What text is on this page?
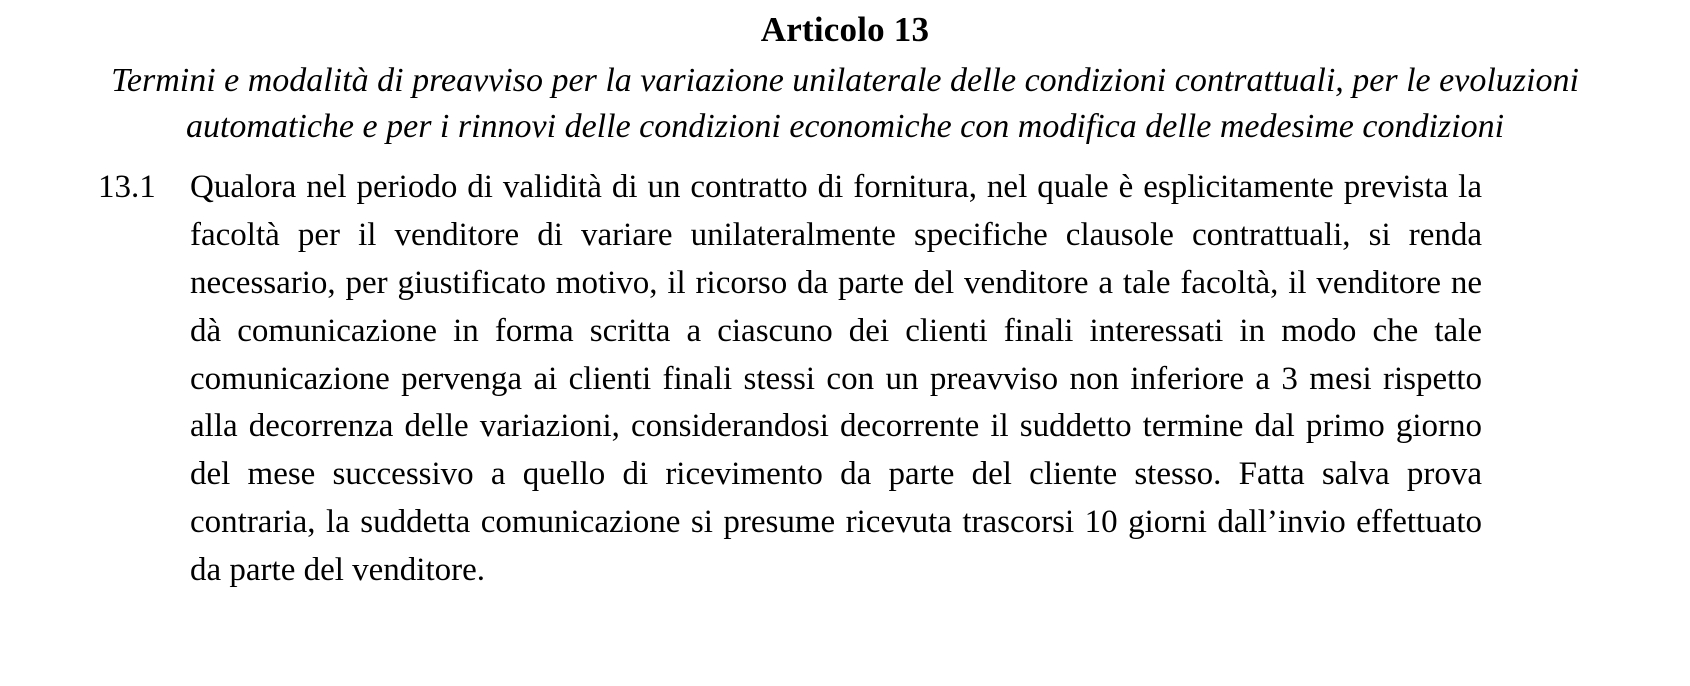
Articolo 13
Termini e modalità di preavviso per la variazione unilaterale delle condizioni contrattuali, per le evoluzioni automatiche e per i rinnovi delle condizioni economiche con modifica delle medesime condizioni
13.1	Qualora nel periodo di validità di un contratto di fornitura, nel quale è esplicitamente prevista la facoltà per il venditore di variare unilateralmente specifiche clausole contrattuali, si renda necessario, per giustificato motivo, il ricorso da parte del venditore a tale facoltà, il venditore ne dà comunicazione in forma scritta a ciascuno dei clienti finali interessati in modo che tale comunicazione pervenga ai clienti finali stessi con un preavviso non inferiore a 3 mesi rispetto alla decorrenza delle variazioni, considerandosi decorrente il suddetto termine dal primo giorno del mese successivo a quello di ricevimento da parte del cliente stesso. Fatta salva prova contraria, la suddetta comunicazione si presume ricevuta trascorsi 10 giorni dall’invio effettuato da parte del venditore.
